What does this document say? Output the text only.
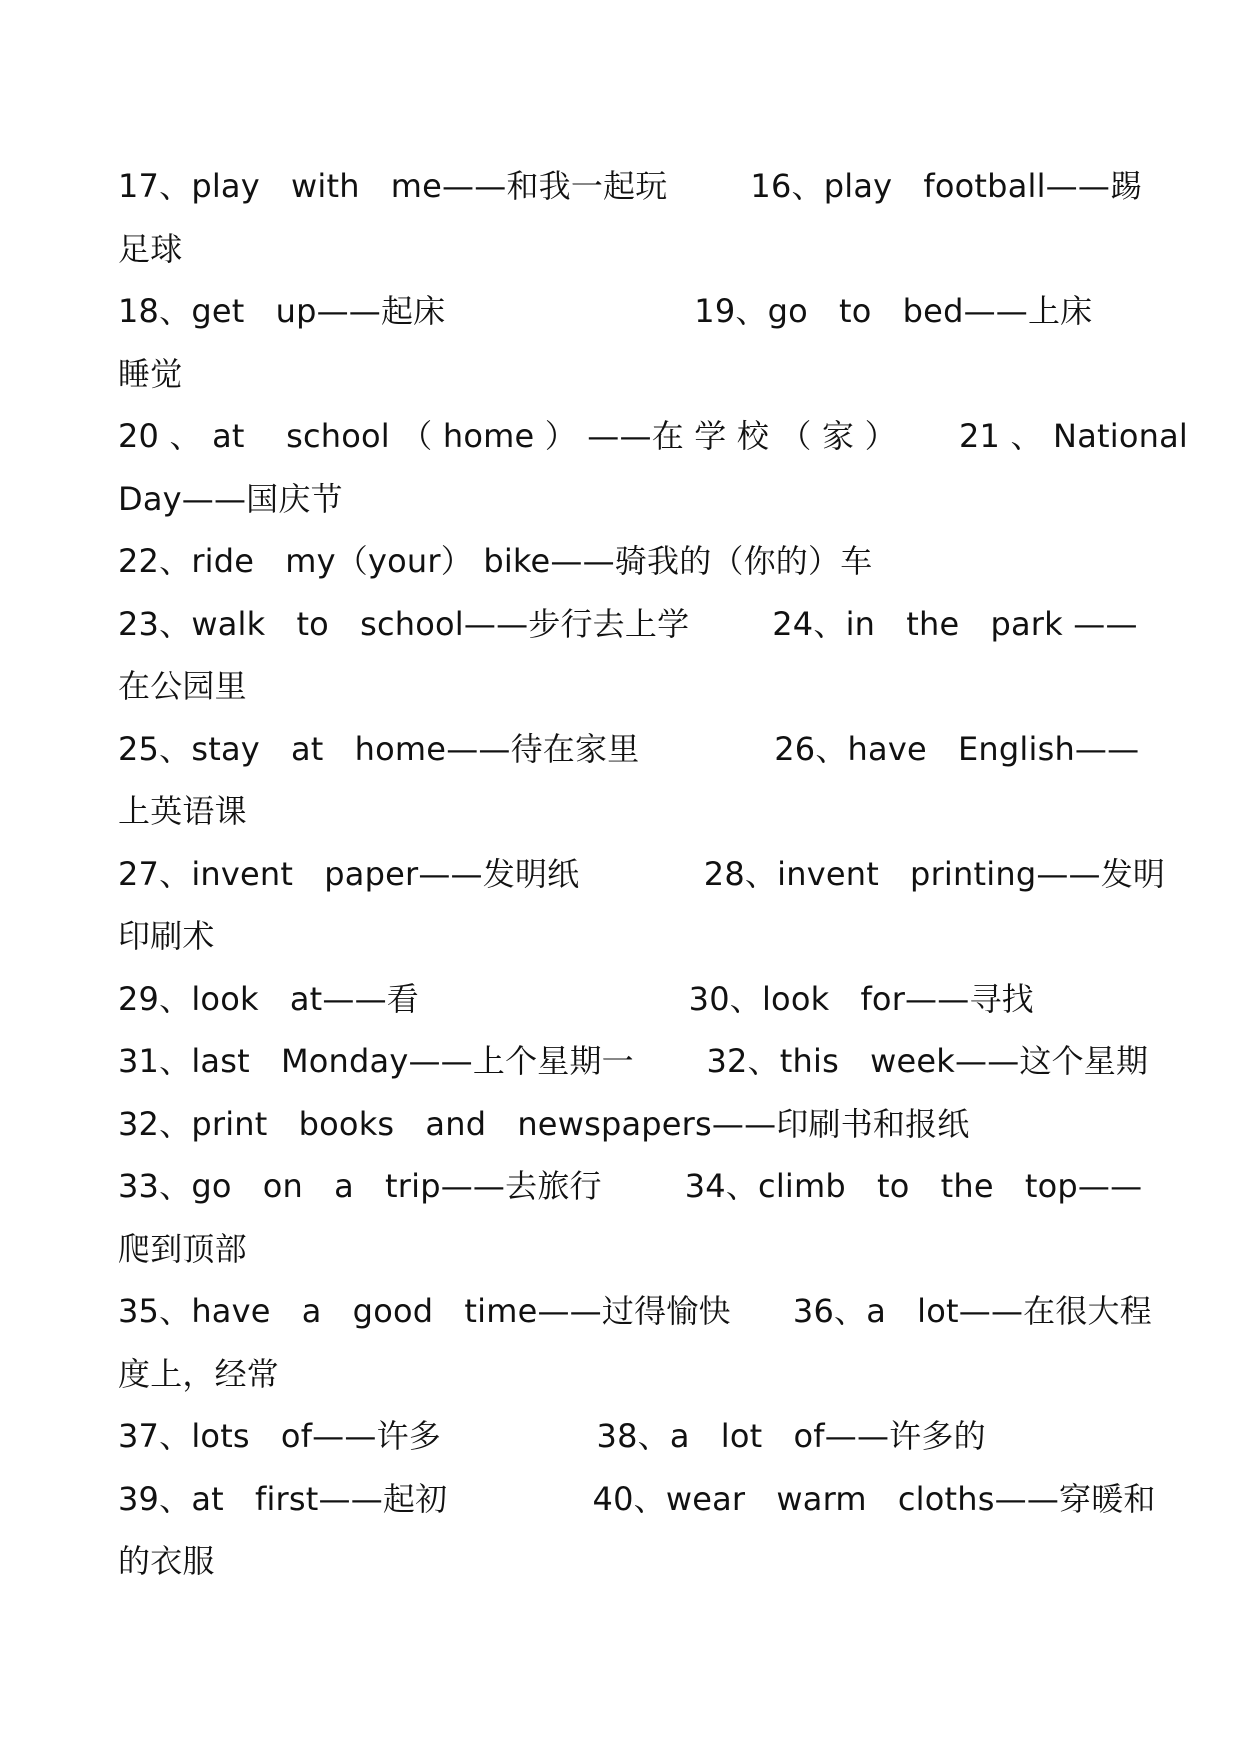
17、play   with   me——和我一起玩        16、play   football——踢
足球
18、get   up——起床                        19、go   to   bed——上床
睡觉
20 、 at    school （ home ） ——在 学 校 （ 家 ）      21 、 National
Day——国庆节
22、ride   my（your） bike——骑我的（你的）车
23、walk   to   school——步行去上学        24、in   the   park ——
在公园里
25、stay   at   home——待在家里             26、have   English——
上英语课
27、invent   paper——发明纸            28、invent   printing——发明
印刷术
29、look   at——看                          30、look   for——寻找
31、last   Monday——上个星期一       32、this   week——这个星期
32、print   books   and   newspapers——印刷书和报纸
33、go   on   a   trip——去旅行        34、climb   to   the   top——
爬到顶部
35、have   a   good   time——过得愉快      36、a   lot——在很大程
度上，经常
37、lots   of——许多               38、a   lot   of——许多的
39、at   first——起初              40、wear   warm   cloths——穿暖和
的衣服
